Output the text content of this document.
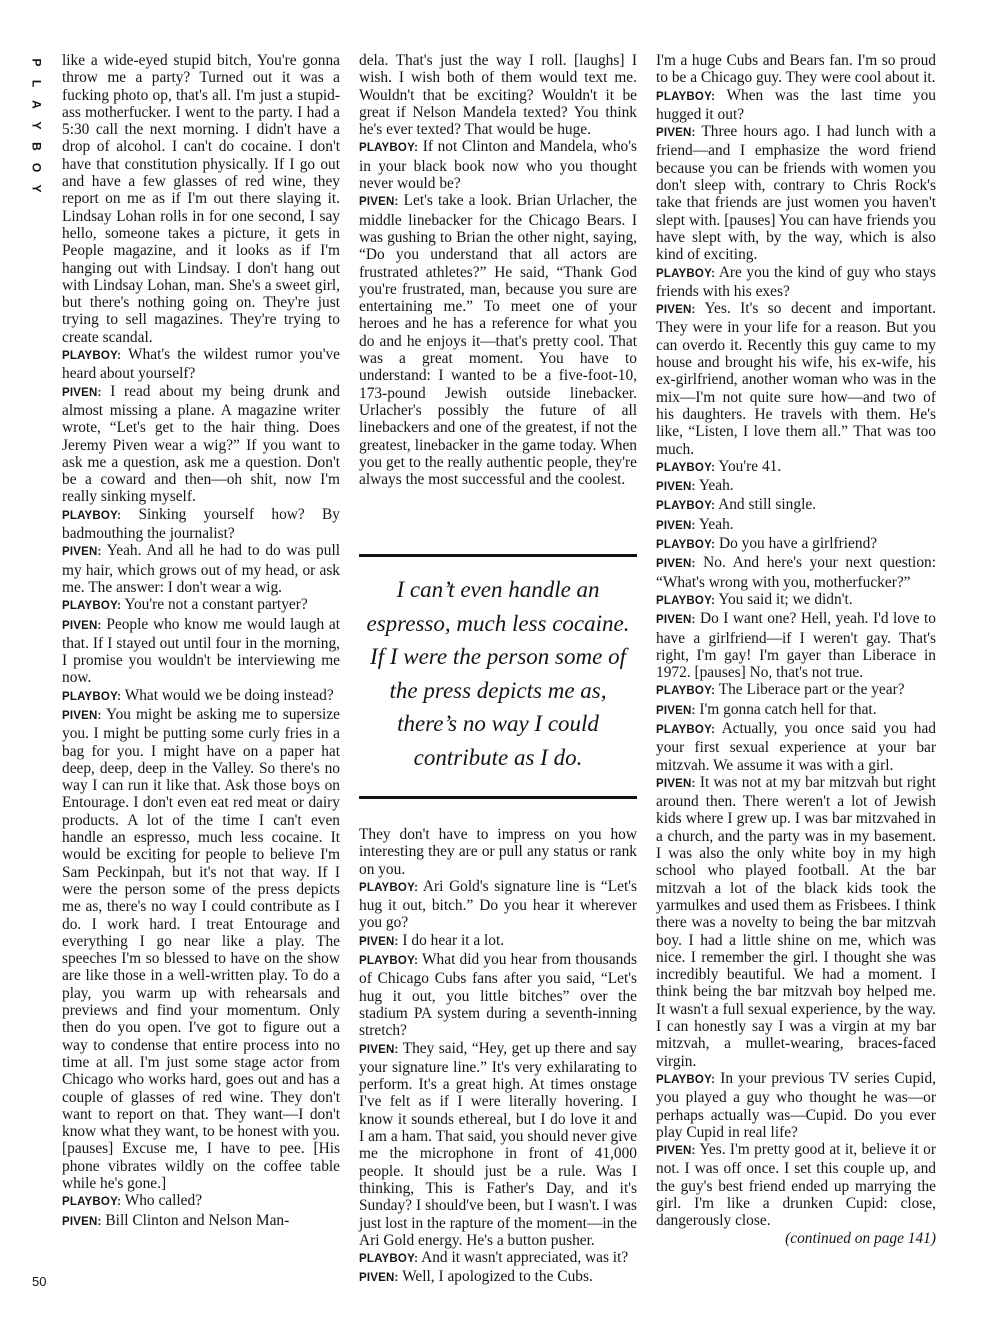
P
L
A
Y
B
O
Y
50

like a wide-eyed stupid bitch, You're gonna throw me a party? Turned out it was a fucking photo op, that's all. I'm just a stupid-ass motherfucker. I went to the party. I had a 5:30 call the next morning. I didn't have a drop of alcohol. I can't do cocaine. I don't have that constitution physically. If I go out and have a few glasses of red wine, they report on me as if I'm out there slaying it. Lindsay Lohan rolls in for one second, I say hello, someone takes a picture, it gets in People magazine, and it looks as if I'm hanging out with Lindsay. I don't hang out with Lindsay Lohan, man. She's a sweet girl, but there's nothing going on. They're just trying to sell magazines. They're trying to create scandal.

PLAYBOY: What's the wildest rumor you've heard about yourself?

PIVEN: I read about my being drunk and almost missing a plane. A magazine writer wrote, “Let's get to the hair thing. Does Jeremy Piven wear a wig?” If you want to ask me a question, ask me a question. Don't be a coward and then—oh shit, now I'm really sinking myself.

PLAYBOY: Sinking yourself how? By badmouthing the journalist?

PIVEN: Yeah. And all he had to do was pull my hair, which grows out of my head, or ask me. The answer: I don't wear a wig.

PLAYBOY: You're not a constant partyer?

PIVEN: People who know me would laugh at that. If I stayed out until four in the morning, I promise you wouldn't be interviewing me now.

PLAYBOY: What would we be doing instead?

PIVEN: You might be asking me to supersize you. I might be putting some curly fries in a bag for you. I might have on a paper hat deep, deep, deep in the Valley. So there's no way I can run it like that. Ask those boys on Entourage. I don't even eat red meat or dairy products. A lot of the time I can't even handle an espresso, much less cocaine. It would be exciting for people to believe I'm Sam Peckinpah, but it's not that way. If I were the person some of the press depicts me as, there's no way I could contribute as I do. I work hard. I treat Entourage and everything I go near like a play. The speeches I'm so blessed to have on the show are like those in a well-written play. To do a play, you warm up with rehearsals and previews and find your momentum. Only then do you open. I've got to figure out a way to condense that entire process into no time at all. I'm just some stage actor from Chicago who works hard, goes out and has a couple of glasses of red wine. They don't want to report on that. They want—I don't know what they want, to be honest with you. [pauses] Excuse me, I have to pee. [His phone vibrates wildly on the coffee table while he's gone.]

PLAYBOY: Who called?

PIVEN: Bill Clinton and Nelson Man-

dela. That's just the way I roll. [laughs] I wish. I wish both of them would text me. Wouldn't that be exciting? Wouldn't it be great if Nelson Mandela texted? You think he's ever texted? That would be huge.

PLAYBOY: If not Clinton and Mandela, who's in your black book now who you thought never would be?

PIVEN: Let's take a look. Brian Urlacher, the middle linebacker for the Chicago Bears. I was gushing to Brian the other night, saying, “Do you understand that all actors are frustrated athletes?” He said, “Thank God you're frustrated, man, because you sure are entertaining me.” To meet one of your heroes and he has a reference for what you do and he enjoys it—that's pretty cool. That was a great moment. You have to understand: I wanted to be a five-foot-10, 173-pound Jewish outside linebacker. Urlacher's possibly the future of all linebackers and one of the greatest, if not the greatest, linebacker in the game today. When you get to the really authentic people, they're always the most successful and the coolest.

I can’t even handle an espresso, much less cocaine. If I were the person some of the press depicts me as, there’s no way I could contribute as I do.

They don't have to impress on you how interesting they are or pull any status or rank on you.

PLAYBOY: Ari Gold's signature line is “Let's hug it out, bitch.” Do you hear it wherever you go?

PIVEN: I do hear it a lot.

PLAYBOY: What did you hear from thousands of Chicago Cubs fans after you said, “Let's hug it out, you little bitches” over the stadium PA system during a seventh-inning stretch?

PIVEN: They said, “Hey, get up there and say your signature line.” It's very exhilarating to perform. It's a great high. At times onstage I've felt as if I were literally hovering. I know it sounds ethereal, but I do love it and I am a ham. That said, you should never give me the microphone in front of 41,000 people. It should just be a rule. Was I thinking, This is Father's Day, and it's Sunday? I should've been, but I wasn't. I was just lost in the rapture of the moment—in the Ari Gold energy. He's a button pusher.

PLAYBOY: And it wasn't appreciated, was it?

PIVEN: Well, I apologized to the Cubs.

I'm a huge Cubs and Bears fan. I'm so proud to be a Chicago guy. They were cool about it.

PLAYBOY: When was the last time you hugged it out?

PIVEN: Three hours ago. I had lunch with a friend—and I emphasize the word friend because you can be friends with women you don't sleep with, contrary to Chris Rock's take that friends are just women you haven't slept with. [pauses] You can have friends you have slept with, by the way, which is also kind of exciting.

PLAYBOY: Are you the kind of guy who stays friends with his exes?

PIVEN: Yes. It's so decent and important. They were in your life for a reason. But you can overdo it. Recently this guy came to my house and brought his wife, his ex-wife, his ex-girlfriend, another woman who was in the mix—I'm not quite sure how—and two of his daughters. He travels with them. He's like, “Listen, I love them all.” That was too much.

PLAYBOY: You're 41.

PIVEN: Yeah.

PLAYBOY: And still single.

PIVEN: Yeah.

PLAYBOY: Do you have a girlfriend?

PIVEN: No. And here's your next question: “What's wrong with you, motherfucker?”

PLAYBOY: You said it; we didn't.

PIVEN: Do I want one? Hell, yeah. I'd love to have a girlfriend—if I weren't gay. That's right, I'm gay! I'm gayer than Liberace in 1972. [pauses] No, that's not true.

PLAYBOY: The Liberace part or the year?

PIVEN: I'm gonna catch hell for that.

PLAYBOY: Actually, you once said you had your first sexual experience at your bar mitzvah. We assume it was with a girl.

PIVEN: It was not at my bar mitzvah but right around then. There weren't a lot of Jewish kids where I grew up. I was bar mitzvahed in a church, and the party was in my basement. I was also the only white boy in my high school who played football. At the bar mitzvah a lot of the black kids took the yarmulkes and used them as Frisbees. I think there was a novelty to being the bar mitzvah boy. I had a little shine on me, which was nice. I remember the girl. I thought she was incredibly beautiful. We had a moment. I think being the bar mitzvah boy helped me. It wasn't a full sexual experience, by the way. I can honestly say I was a virgin at my bar mitzvah, a mullet-wearing, braces-faced virgin.

PLAYBOY: In your previous TV series Cupid, you played a guy who thought he was—or perhaps actually was—Cupid. Do you ever play Cupid in real life?

PIVEN: Yes. I'm pretty good at it, believe it or not. I was off once. I set this couple up, and the guy's best friend ended up marrying the girl. I'm like a drunken Cupid: close, dangerously close.

(continued on page 141)
